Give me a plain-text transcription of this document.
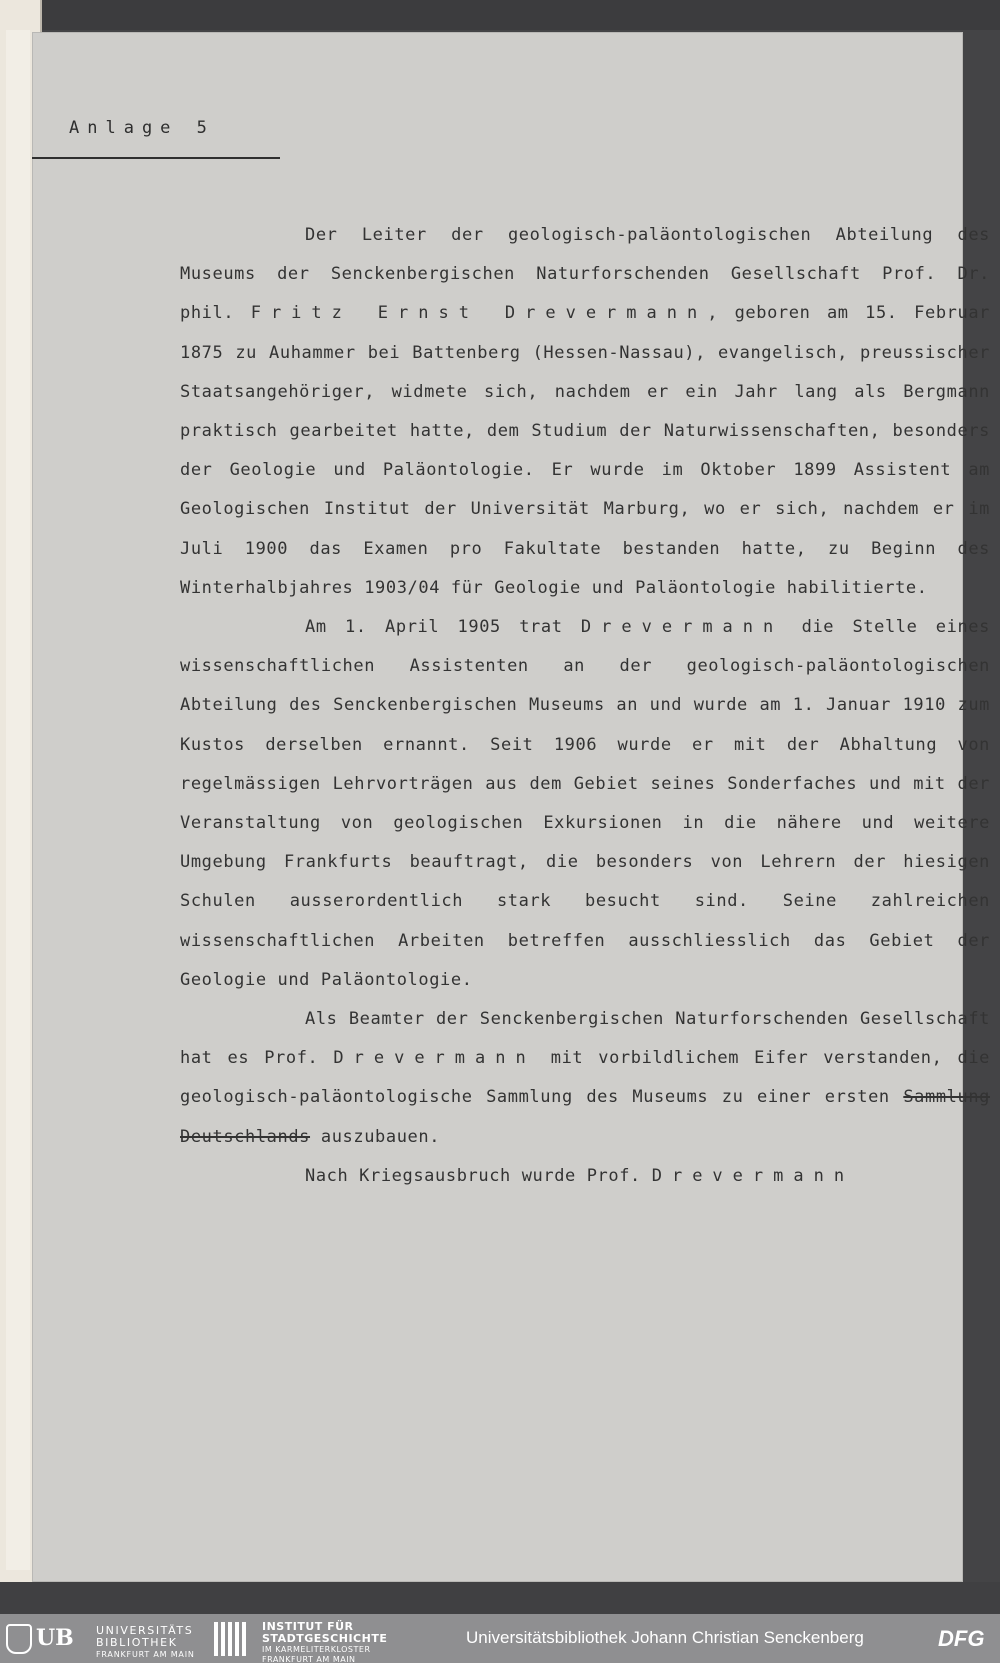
Anlage 5

Der Leiter der geologisch-paläontologischen Abteilung des Museums der Senckenbergischen Naturforschenden Gesellschaft Prof. Dr. phil. Fritz Ernst Drevermann, geboren am 15. Februar 1875 zu Auhammer bei Battenberg (Hessen-Nassau), evangelisch, preussischer Staatsangehöriger, widmete sich, nachdem er ein Jahr lang als Bergmann praktisch gearbeitet hatte, dem Studium der Naturwissenschaften, besonders der Geologie und Paläontologie. Er wurde im Oktober 1899 Assistent am Geologischen Institut der Universität Marburg, wo er sich, nachdem er im Juli 1900 das Examen pro Fakultate bestanden hatte, zu Beginn des Winterhalbjahres 1903/04 für Geologie und Paläontologie habilitierte.

Am 1. April 1905 trat Drevermann die Stelle eines wissenschaftlichen Assistenten an der geologisch-paläontologischen Abteilung des Senckenbergischen Museums an und wurde am 1. Januar 1910 zum Kustos derselben ernannt. Seit 1906 wurde er mit der Abhaltung von regelmässigen Lehrvorträgen aus dem Gebiet seines Sonderfaches und mit der Veranstaltung von geologischen Exkursionen in die nähere und weitere Umgebung Frankfurts beauftragt, die besonders von Lehrern der hiesigen Schulen ausserordentlich stark besucht sind. Seine zahlreichen wissenschaftlichen Arbeiten betreffen ausschliesslich das Gebiet der Geologie und Paläontologie.

Als Beamter der Senckenbergischen Naturforschenden Gesellschaft hat es Prof. Drevermann mit vorbildlichem Eifer verstanden, die geologisch-paläontologische Sammlung des Museums zu einer ersten Sammlung Deutschlands auszubauen.

Nach Kriegsausbruch wurde Prof. Drevermann

UB	UNIVERSITÄTS
BIBLIOTHEK
FRANKFURT AM MAIN
INSTITUT FÜR
STADTGESCHICHTE
IM KARMELITERKLOSTER
FRANKFURT AM MAIN
Universitätsbibliothek Johann Christian Senckenberg	DFG
